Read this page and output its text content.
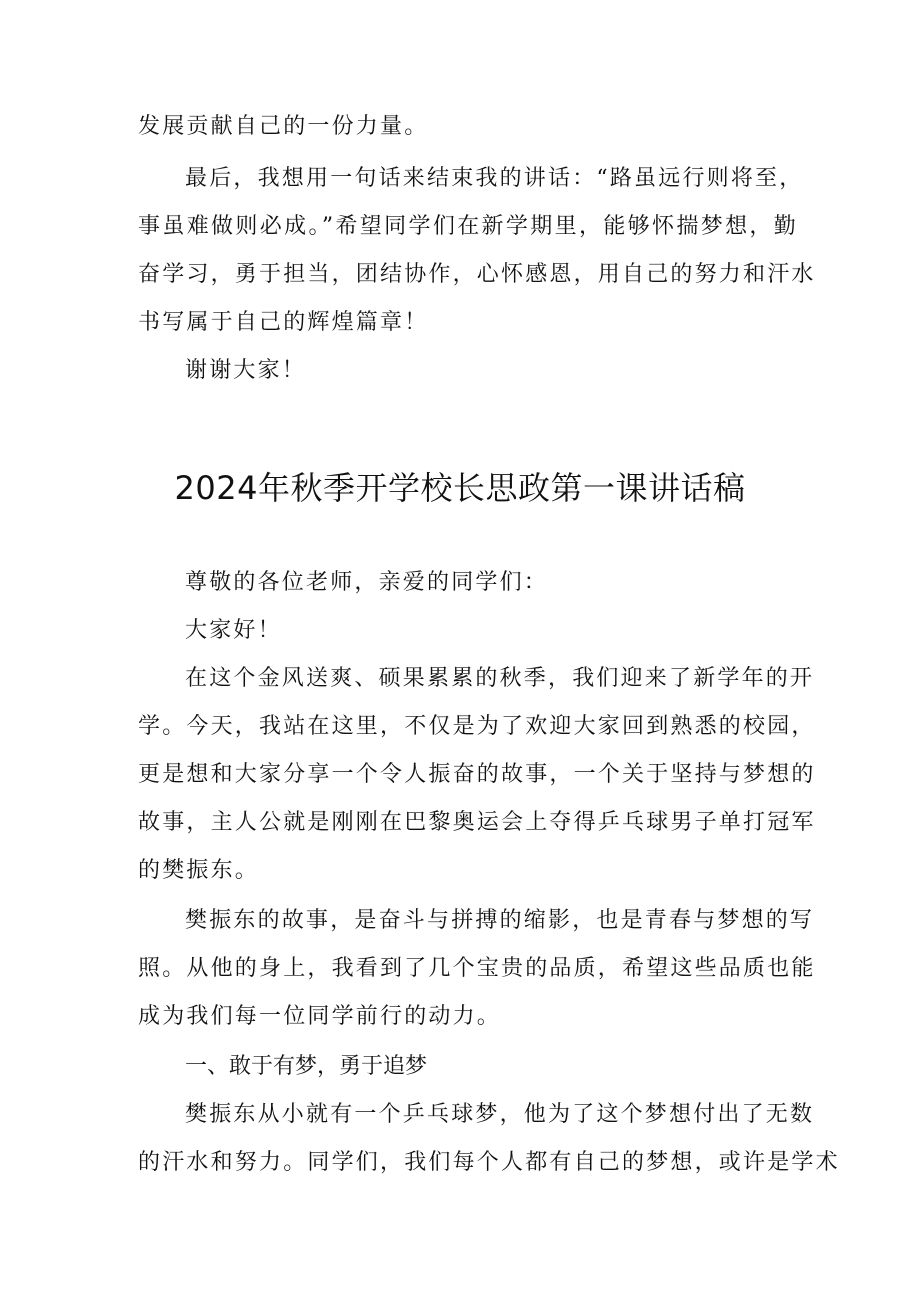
发展贡献自己的一份力量。
最后，我想用一句话来结束我的讲话：“路虽远行则将至，
事虽难做则必成。”希望同学们在新学期里，能够怀揣梦想，勤
奋学习，勇于担当，团结协作，心怀感恩，用自己的努力和汗水
书写属于自己的辉煌篇章！
谢谢大家！
2024年秋季开学校长思政第一课讲话稿
尊敬的各位老师，亲爱的同学们：
大家好！
在这个金风送爽、硕果累累的秋季，我们迎来了新学年的开
学。今天，我站在这里，不仅是为了欢迎大家回到熟悉的校园，
更是想和大家分享一个令人振奋的故事，一个关于坚持与梦想的
故事，主人公就是刚刚在巴黎奥运会上夺得乒乓球男子单打冠军
的樊振东。
樊振东的故事，是奋斗与拼搏的缩影，也是青春与梦想的写
照。从他的身上，我看到了几个宝贵的品质，希望这些品质也能
成为我们每一位同学前行的动力。
一、敢于有梦，勇于追梦
樊振东从小就有一个乒乓球梦，他为了这个梦想付出了无数
的汗水和努力。同学们，我们每个人都有自己的梦想，或许是学术
